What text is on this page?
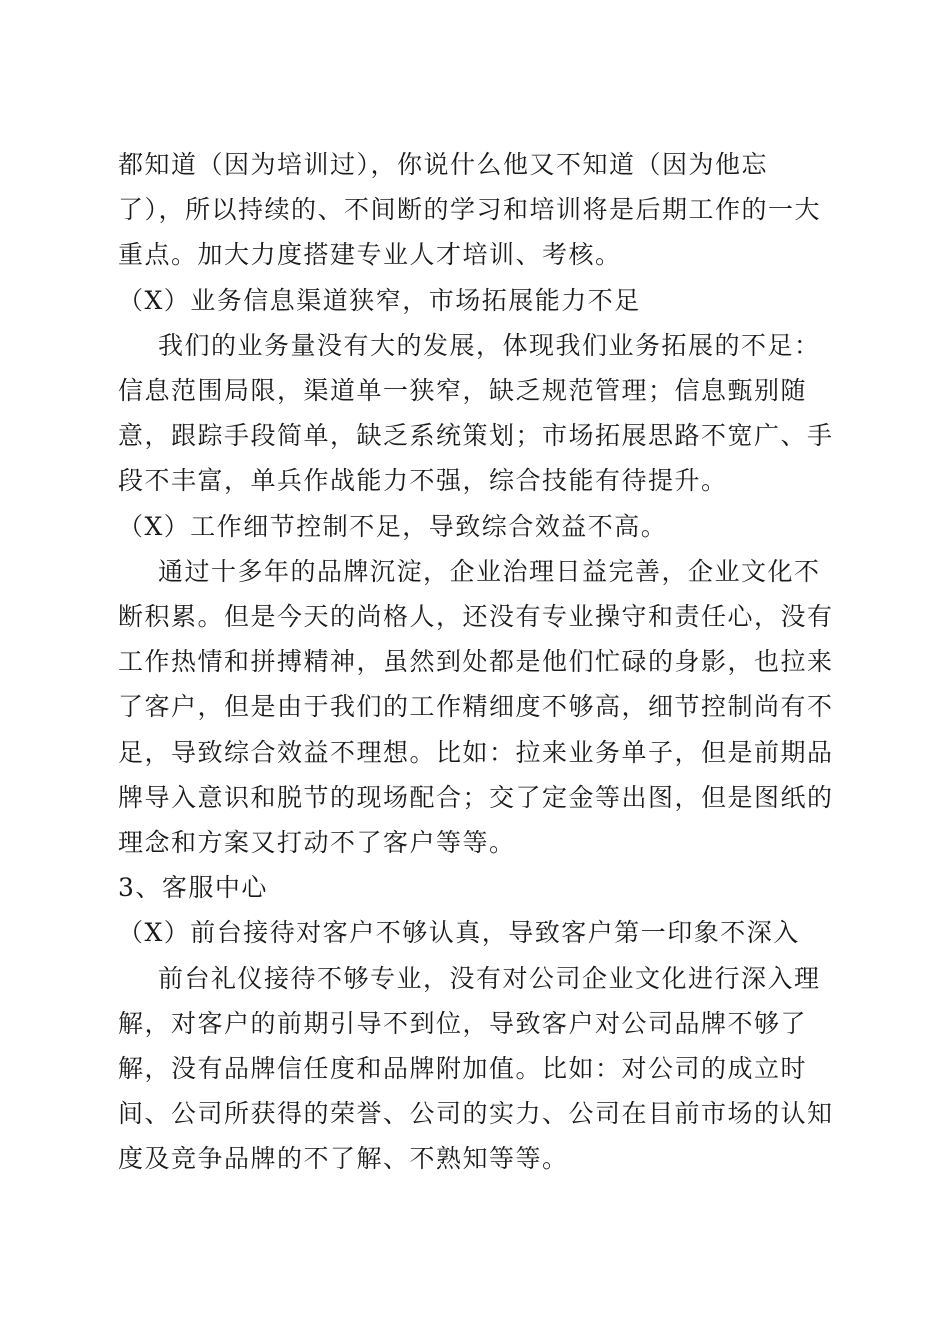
都知道（因为培训过），你说什么他又不知道（因为他忘了），所以持续的、不间断的学习和培训将是后期工作的一大重点。加大力度搭建专业人才培训、考核。

（X）业务信息渠道狭窄，市场拓展能力不足

我们的业务量没有大的发展，体现我们业务拓展的不足：信息范围局限，渠道单一狭窄，缺乏规范管理；信息甄别随意，跟踪手段简单，缺乏系统策划；市场拓展思路不宽广、手段不丰富，单兵作战能力不强，综合技能有待提升。

（X）工作细节控制不足，导致综合效益不高。

通过十多年的品牌沉淀，企业治理日益完善，企业文化不断积累。但是今天的尚格人，还没有专业操守和责任心，没有工作热情和拼搏精神，虽然到处都是他们忙碌的身影，也拉来了客户，但是由于我们的工作精细度不够高，细节控制尚有不足，导致综合效益不理想。比如：拉来业务单子，但是前期品牌导入意识和脱节的现场配合；交了定金等出图，但是图纸的理念和方案又打动不了客户等等。

3、客服中心

（X）前台接待对客户不够认真，导致客户第一印象不深入

前台礼仪接待不够专业，没有对公司企业文化进行深入理解，对客户的前期引导不到位，导致客户对公司品牌不够了解，没有品牌信任度和品牌附加值。比如：对公司的成立时间、公司所获得的荣誉、公司的实力、公司在目前市场的认知度及竞争品牌的不了解、不熟知等等。
